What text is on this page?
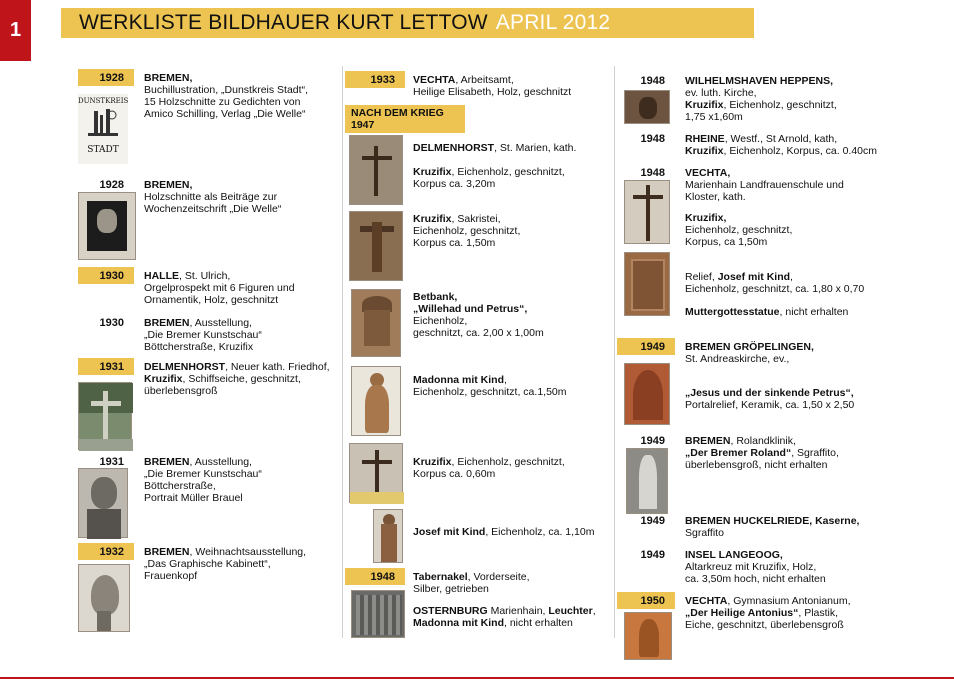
1	WERKLISTE BILDHAUER KURT LETTOW APRIL 2012
1928	BREMEN,
Buchillustration, „Dunstkreis Stadt“,
15 Holzschnitte zu Gedichten von
Amico Schilling, Verlag „Die Welle“
DUNSTKREIS
STADT
1928	BREMEN,
Holzschnitte als Beiträge zur
Wochenzeitschrift „Die Welle“
1930	HALLE, St. Ulrich,
Orgelprospekt mit 6 Figuren und
Ornamentik, Holz, geschnitzt
1930	BREMEN, Ausstellung,
„Die Bremer Kunstschau“
Böttcherstraße, Kruzifix
1931	DELMENHORST, Neuer kath. Friedhof,
Kruzifix, Schiffseiche, geschnitzt,
überlebensgroß
1931	BREMEN, Ausstellung,
„Die Bremer Kunstschau“
Böttcherstraße,
Portrait Müller Brauel
1932	BREMEN, Weihnachtsausstellung,
„Das Graphische Kabinett“,
Frauenkopf
1933	VECHTA, Arbeitsamt,
Heilige Elisabeth, Holz, geschnitzt
NACH DEM KRIEG
1947
DELMENHORST, St. Marien, kath.
Kruzifix, Eichenholz, geschnitzt,
Korpus ca. 3,20m
Kruzifix, Sakristei,
Eichenholz, geschnitzt,
Korpus ca. 1,50m
Betbank,
„Willehad und Petrus“,
Eichenholz,
geschnitzt, ca. 2,00 x 1,00m
Madonna mit Kind,
Eichenholz, geschnitzt, ca.1,50m
Kruzifix, Eichenholz, geschnitzt,
Korpus ca. 0,60m
Josef mit Kind, Eichenholz, ca. 1,10m
1948	Tabernakel, Vorderseite,
Silber, getrieben
OSTERNBURG Marienhain, Leuchter,
Madonna mit Kind, nicht erhalten
1948	WILHELMSHAVEN HEPPENS,
ev. luth. Kirche,
Kruzifix, Eichenholz, geschnitzt,
1,75 x1,60m
1948	RHEINE, Westf., St Arnold, kath,
Kruzifix, Eichenholz, Korpus, ca. 0.40cm
1948	VECHTA,
Marienhain Landfrauenschule und
Kloster, kath.
Kruzifix,
Eichenholz, geschnitzt,
Korpus, ca 1,50m
Relief, Josef mit Kind,
Eichenholz, geschnitzt, ca. 1,80 x 0,70
Muttergottesstatue, nicht erhalten
1949	BREMEN GRÖPELINGEN,
St. Andreaskirche, ev.,
„Jesus und der sinkende Petrus“,
Portalrelief, Keramik, ca. 1,50 x 2,50
1949	BREMEN, Rolandklinik,
„Der Bremer Roland“, Sgraffito,
überlebensgroß, nicht erhalten
1949	BREMEN HUCKELRIEDE, Kaserne,
Sgraffito
1949	INSEL LANGEOOG,
Altarkreuz mit Kruzifix, Holz,
ca. 3,50m hoch, nicht erhalten
1950	VECHTA, Gymnasium Antonianum,
„Der Heilige Antonius“, Plastik,
Eiche, geschnitzt, überlebensgroß
